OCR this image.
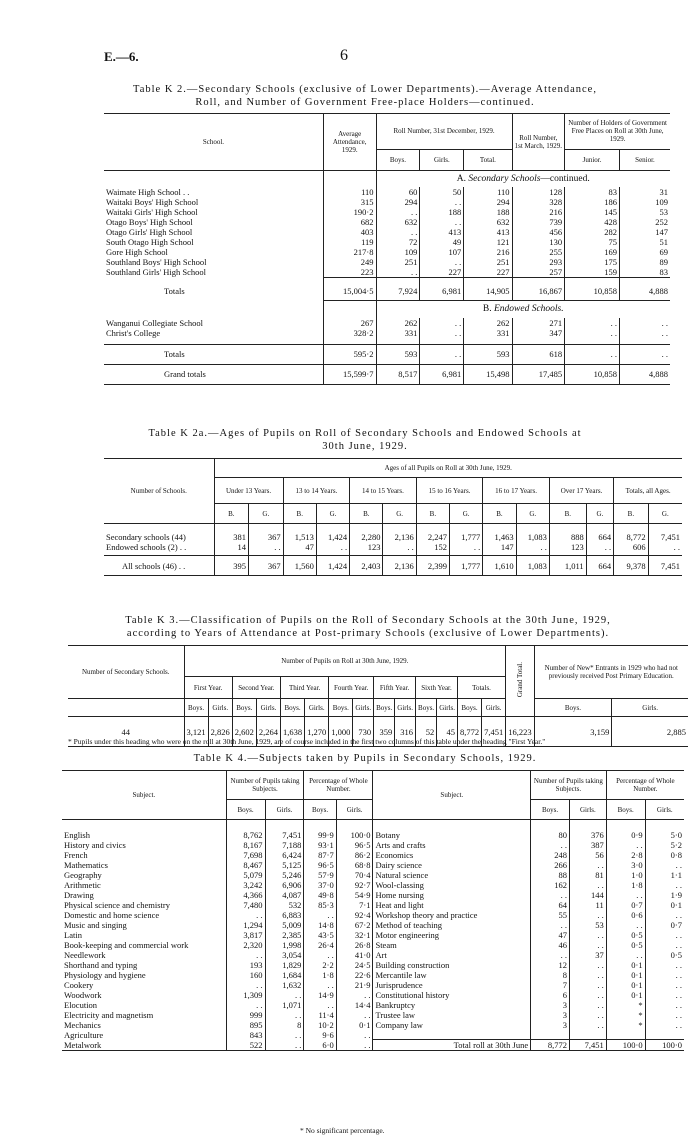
E.—6.	6
Table K 2.—Secondary Schools (exclusive of Lower Departments).—Average Attendance,
Roll, and Number of Government Free-place Holders—continued.
School.	Average Attendance, 1929.	Roll Number, 31st December, 1929.			Roll Number, 1st March, 1929.	Number of Holders of Government Free Places on Roll at 30th June, 1929.	
		Boys.	Girls.	Total.		Junior.	Senior.
		A. Secondary Schools—continued.					
Waimate High School . .	110	60	50	110	128	83	31
Waitaki Boys' High School	315	294	. .	294	328	186	109
Waitaki Girls' High School	190·2	. .	188	188	216	145	53
Otago Boys' High School	682	632	. .	632	739	428	252
Otago Girls' High School	403	. .	413	413	456	282	147
South Otago High School	119	72	49	121	130	75	51
Gore High School	217·8	109	107	216	255	169	69
Southland Boys' High School	249	251	. .	251	293	175	89
Southland Girls' High School	223	. .	227	227	257	159	83

Totals	15,004·5	7,924	6,981	14,905	16,867	10,858	4,888
		B. Endowed Schools.					
Wanganui Collegiate School	267	262	. .	262	271	. .	. .
Christ's College	328·2	331	. .	331	347	. .	. .

Totals	595·2	593	. .	593	618	. .	. .
Grand totals	15,599·7	8,517	6,981	15,498	17,485	10,858	4,888
Table K 2a.—Ages of Pupils on Roll of Secondary Schools and Endowed Schools at
30th June, 1929.
Number of Schools.	Ages of all Pupils on Roll at 30th June, 1929.													
	Under 13 Years.		13 to 14 Years.		14 to 15 Years.		15 to 16 Years.		16 to 17 Years.		Over 17 Years.		Totals, all Ages.	
	B.	G.	B.	G.	B.	G.	B.	G.	B.	G.	B.	G.	B.	G.

Secondary schools (44)	381	367	1,513	1,424	2,280	2,136	2,247	1,777	1,463	1,083	888	664	8,772	7,451
Endowed schools (2) . .	14	. .	47	. .	123	. .	152	. .	147	. .	123	. .	606	. .

All schools (46) . .	395	367	1,560	1,424	2,403	2,136	2,399	1,777	1,610	1,083	1,011	664	9,378	7,451
Table K 3.—Classification of Pupils on the Roll of Secondary Schools at the 30th June, 1929,
according to Years of Attendance at Post-primary Schools (exclusive of Lower Departments).
Number of Secondary Schools.	Number of Pupils on Roll at 30th June, 1929.														Grand Total.	Number of New* Entrants in 1929 who had not previously received Post Primary Education.	
	First Year.		Second Year.		Third Year.		Fourth Year.		Fifth Year.		Sixth Year.		Totals.				
	Boys.	Girls.	Boys.	Girls.	Boys.	Girls.	Boys.	Girls.	Boys.	Girls.	Boys.	Girls.	Boys.	Girls.		Boys.	Girls.
44	3,121	2,826	2,602	2,264	1,638	1,270	1,000	730	359	316	52	45	8,772	7,451	16,223	3,159	2,885
* Pupils under this heading who were on the roll at 30th June, 1929, are of course included in the first two columns of this table under the heading "First Year."
Table K 4.—Subjects taken by Pupils in Secondary Schools, 1929.
Subject.	Number of Pupils taking Subjects.		Percentage of Whole Number.		Subject.	Number of Pupils taking Subjects.		Percentage of Whole Number.	
	Boys.	Girls.	Boys.	Girls.		Boys.	Girls.	Boys.	Girls.

English	8,762	7,451	99·9	100·0	Botany	80	376	0·9	5·0
History and civics	8,167	7,188	93·1	96·5	Arts and crafts	. .	387	. .	5·2
French	7,698	6,424	87·7	86·2	Economics	248	56	2·8	0·8
Mathematics	8,467	5,125	96·5	68·8	Dairy science	266	. .	3·0	. .
Geography	5,079	5,246	57·9	70·4	Natural science	88	81	1·0	1·1
Arithmetic	3,242	6,906	37·0	92·7	Wool-classing	162	. .	1·8	. .
Drawing	4,366	4,087	49·8	54·9	Home nursing	. .	144	. .	1·9
Physical science and chemistry	7,480	532	85·3	7·1	Heat and light	64	11	0·7	0·1
Domestic and home science	. .	6,883	. .	92·4	Workshop theory and practice	55	. .	0·6	. .
Music and singing	1,294	5,009	14·8	67·2	Method of teaching	. .	53	. .	0·7
Latin	3,817	2,385	43·5	32·1	Motor engineering	47	. .	0·5	. .
Book-keeping and commercial work	2,320	1,998	26·4	26·8	Steam	46	. .	0·5	. .
Needlework	. .	3,054	. .	41·0	Art	. .	37	. .	0·5
Shorthand and typing	193	1,829	2·2	24·5	Building construction	12	. .	0·1	. .
Physiology and hygiene	160	1,684	1·8	22·6	Mercantile law	8	. .	0·1	. .
Cookery	. .	1,632	. .	21·9	Jurisprudence	7	. .	0·1	. .
Woodwork	1,309	. .	14·9	. .	Constitutional history	6	. .	0·1	. .
Elocution	. .	1,071	. .	14·4	Bankruptcy	3	. .	*	. .
Electricity and magnetism	999	. .	11·4	. .	Trustee law	3	. .	*	. .
Mechanics	895	8	10·2	0·1	Company law	3	. .	*	. .
Agriculture	843	. .	9·6	. .					
Metalwork	522	. .	6·0	. .	Total roll at 30th June	8,772	7,451	100·0	100·0
* No significant percentage.
